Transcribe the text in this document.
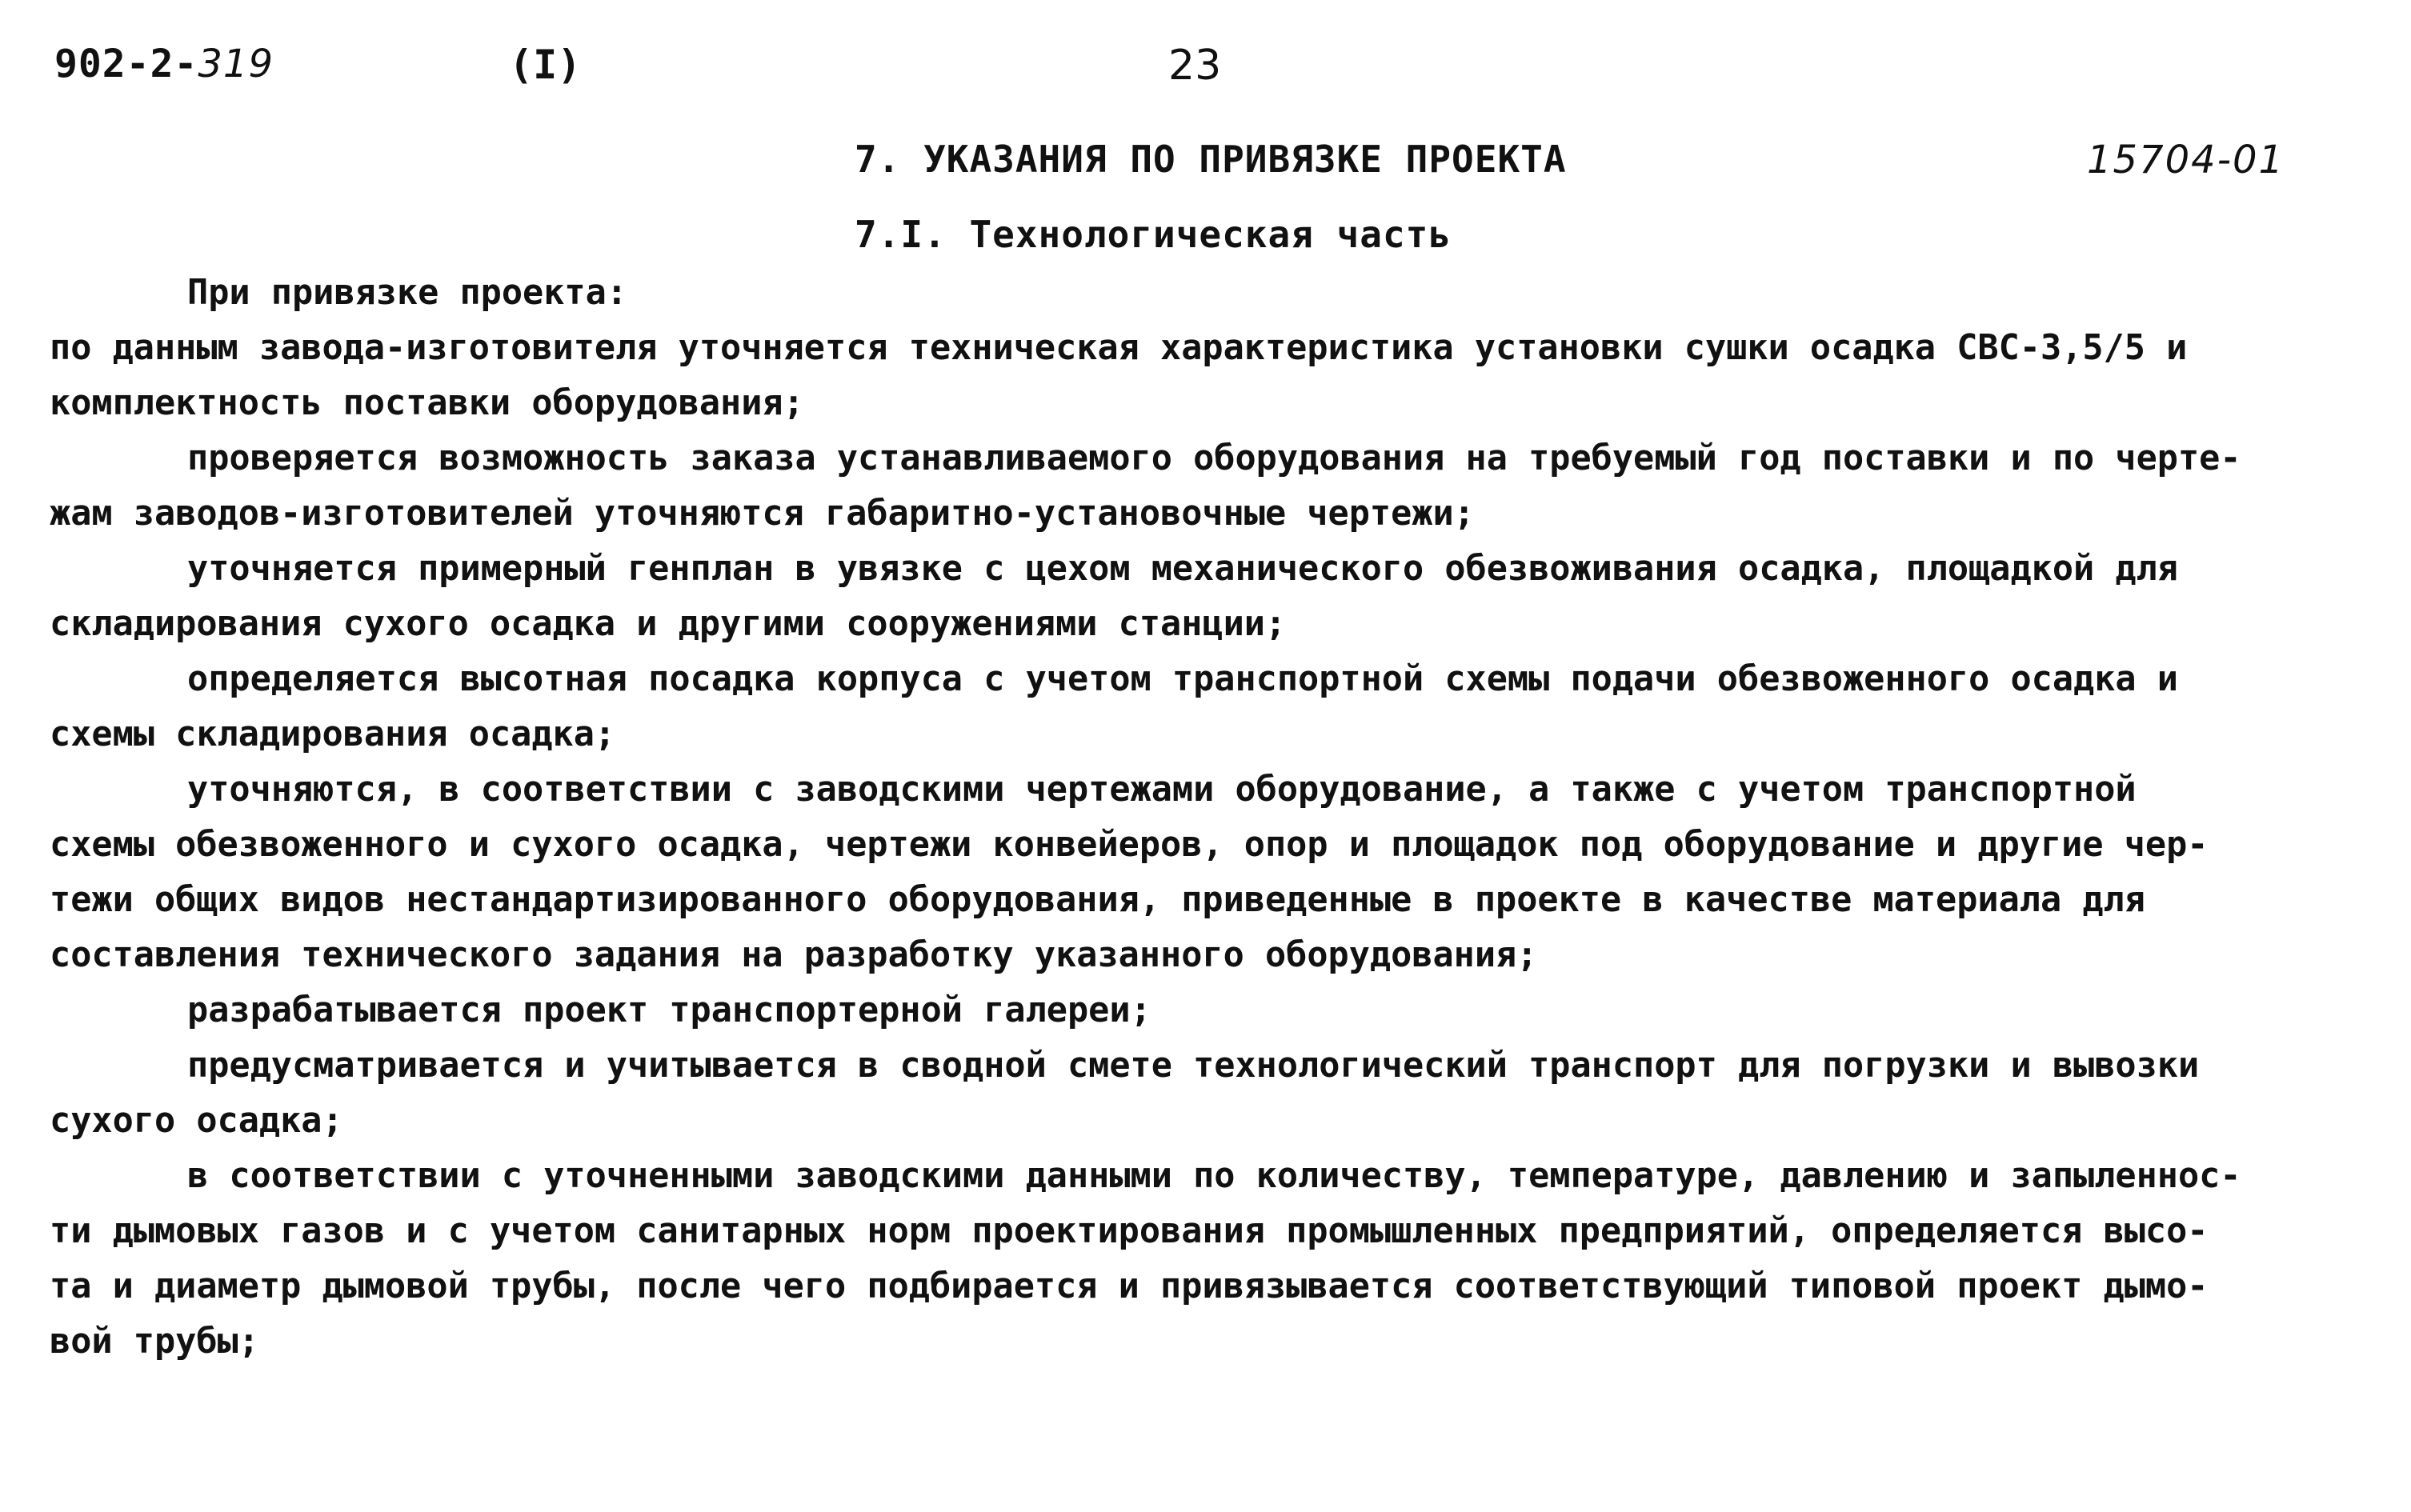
902-2-319	(I)	23
7. УКАЗАНИЯ ПО ПРИВЯЗКЕ ПРОЕКТА	15704-01
7.I. Технологическая часть
При привязке проекта:
по данным завода-изготовителя уточняется техническая характеристика установки сушки осадка СВС-3,5/5 и
комплектность поставки оборудования;
проверяется возможность заказа устанавливаемого оборудования на требуемый год поставки и по черте-
жам заводов-изготовителей уточняются габаритно-установочные чертежи;
уточняется примерный генплан в увязке с цехом механического обезвоживания осадка, площадкой для
складирования сухого осадка и другими сооружениями станции;
определяется высотная посадка корпуса с учетом транспортной схемы подачи обезвоженного осадка и
схемы складирования осадка;
уточняются, в соответствии с заводскими чертежами оборудование, а также с учетом транспортной
схемы обезвоженного и сухого осадка, чертежи конвейеров, опор и площадок под оборудование и другие чер-
тежи общих видов нестандартизированного оборудования, приведенные в проекте в качестве материала для
составления технического задания на разработку указанного оборудования;
разрабатывается проект транспортерной галереи;
предусматривается и учитывается в сводной смете технологический транспорт для погрузки и вывозки
сухого осадка;
в соответствии с уточненными заводскими данными по количеству, температуре, давлению и запыленнос-
ти дымовых газов и с учетом санитарных норм проектирования промышленных предприятий, определяется высо-
та и диаметр дымовой трубы, после чего подбирается и привязывается соответствующий типовой проект дымо-
вой трубы;
